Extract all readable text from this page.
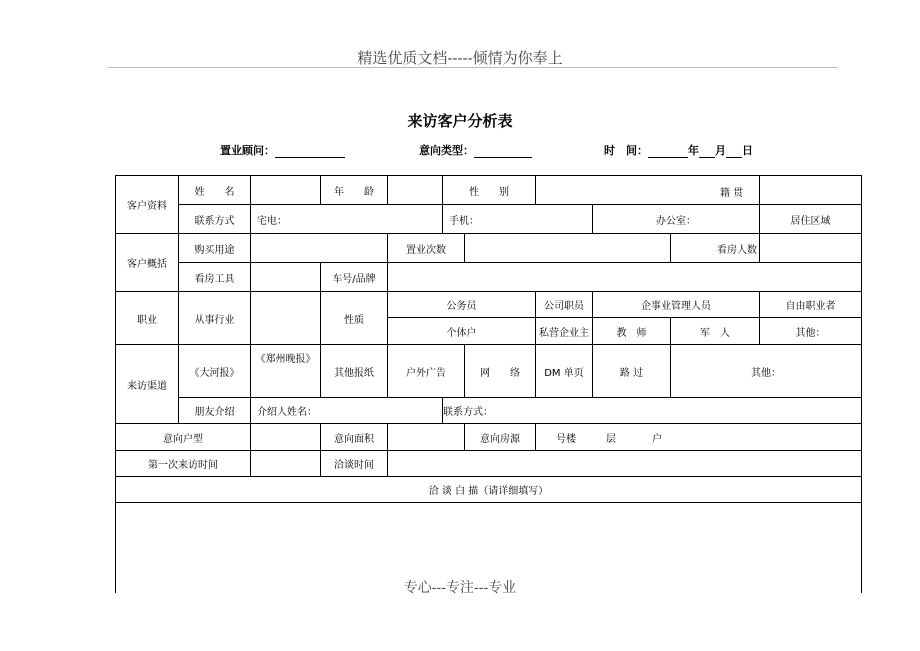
精选优质文档-----倾情为你奉上
来访客户分析表
置业顾问：	意向类型：	时　间：	年 月 日
客户资料	姓　　名		年　　龄		性　　别					籍 贯	

	联系方式	宅电：			手机：			办公室：		居住区域	
客户概括	购买用途			置业次数					看房人数		
	看房工具		车号/品牌								
职业	从事行业		性质	公务员			公司职员	企事业管理人员		自由职业者	
				个体户			私营企业主	教　师	军　人	其他：	
来访渠道	《大河报》	《郑州晚报》	其他报纸	户外广告		网　　络	DM 单页	路 过	其他：		
	朋友介绍	介绍人姓名：			联系方式：						
意向户型			意向面积			意向房源	号楼 层 户				
第一次来访时间			洽谈时间								
洽 谈 白 描（请详细填写）											

专心---专注---专业
